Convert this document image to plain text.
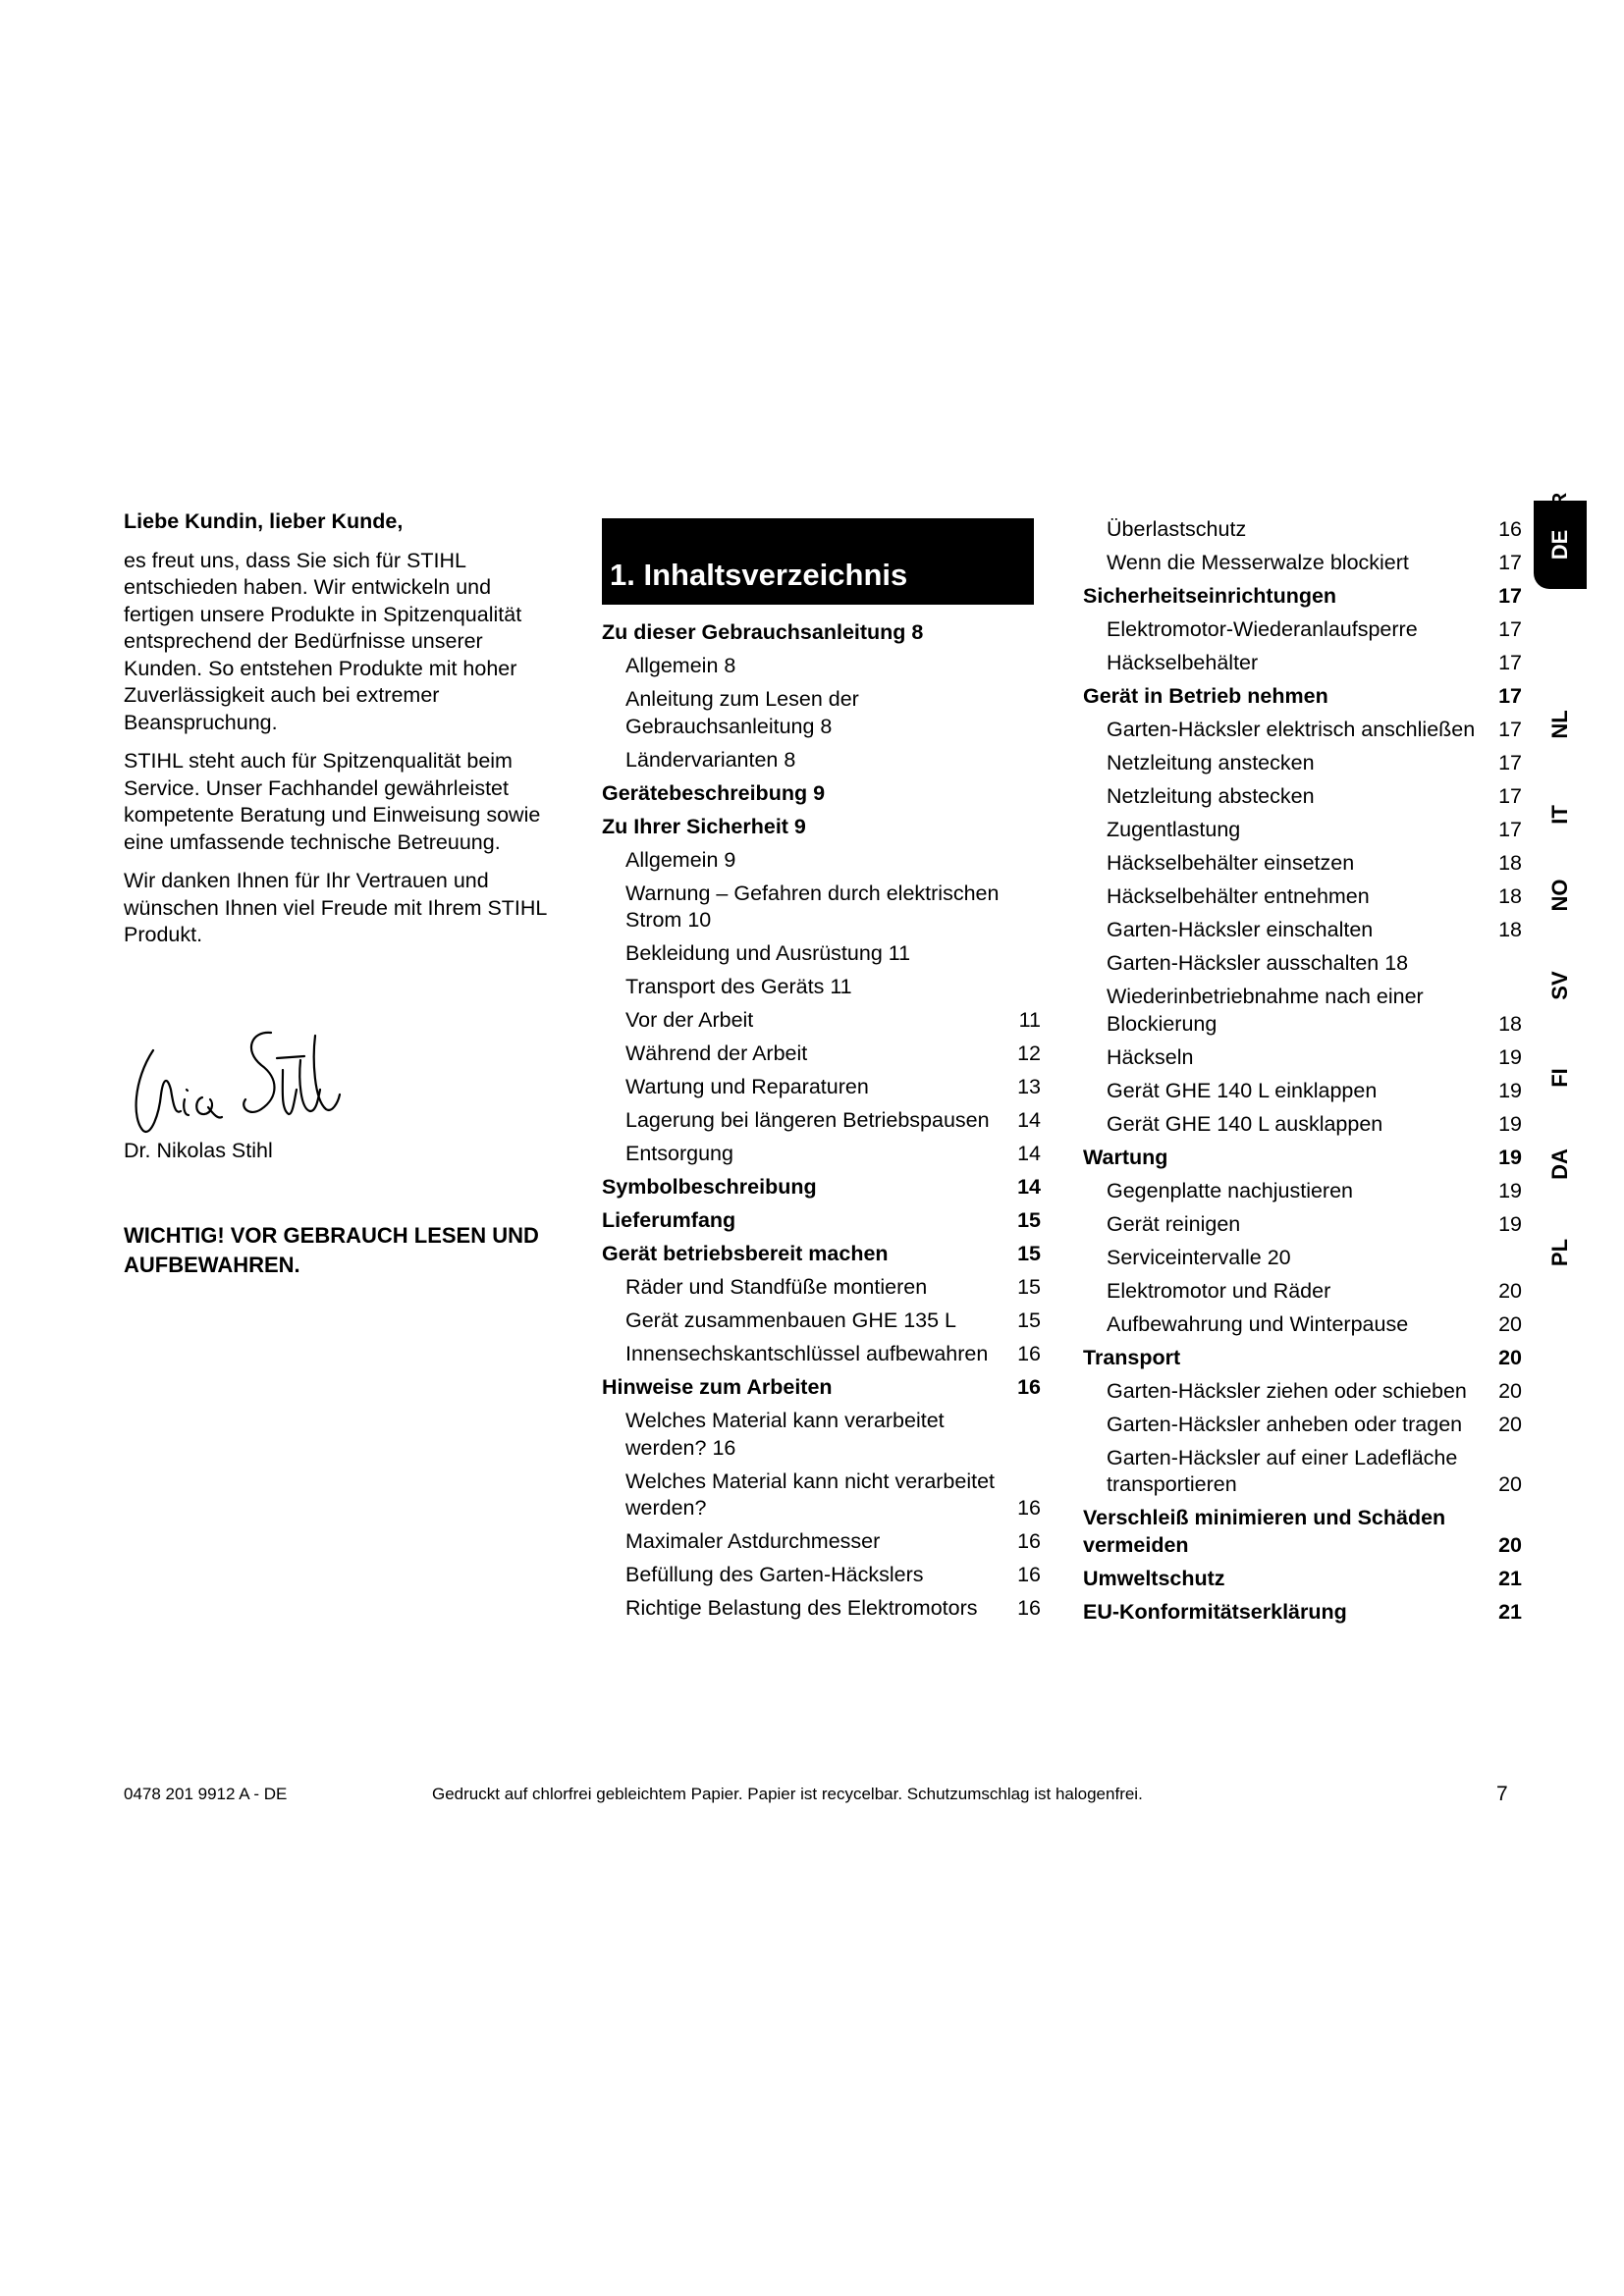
Liebe Kundin, lieber Kunde,

es freut uns, dass Sie sich für STIHL entschieden haben. Wir entwickeln und fertigen unsere Produkte in Spitzenqualität entsprechend der Bedürfnisse unserer Kunden. So entstehen Produkte mit hoher Zuverlässigkeit auch bei extremer Beanspruchung.

STIHL steht auch für Spitzenqualität beim Service. Unser Fachhandel gewährleistet kompetente Beratung und Einweisung sowie eine umfassende technische Betreuung.

Wir danken Ihnen für Ihr Vertrauen und wünschen Ihnen viel Freude mit Ihrem STIHL Produkt.

Dr. Nikolas Stihl
WICHTIG! VOR GEBRAUCH LESEN UND AUFBEWAHREN.
1. Inhaltsverzeichnis
Zu dieser Gebrauchsanleitung 8
Allgemein 8
Anleitung zum Lesen der Gebrauchsanleitung 8
Ländervarianten 8
Gerätebeschreibung 9
Zu Ihrer Sicherheit 9
Allgemein 9
Warnung – Gefahren durch elektrischen Strom 10
Bekleidung und Ausrüstung 11
Transport des Geräts 11
Vor der Arbeit	11
Während der Arbeit	12
Wartung und Reparaturen	13
Lagerung bei längeren Betriebspausen	14
Entsorgung	14
Symbolbeschreibung	14
Lieferumfang	15
Gerät betriebsbereit machen	15
Räder und Standfüße montieren	15
Gerät zusammenbauen GHE 135 L	15
Innensechskantschlüssel aufbewahren	16
Hinweise zum Arbeiten	16
Welches Material kann verarbeitet werden? 16
Welches Material kann nicht verarbeitet werden?	16
Maximaler Astdurchmesser	16
Befüllung des Garten-Häckslers	16
Richtige Belastung des Elektromotors	16
Überlastschutz	16
Wenn die Messerwalze blockiert	17
Sicherheitseinrichtungen	17
Elektromotor-Wiederanlaufsperre	17
Häckselbehälter	17
Gerät in Betrieb nehmen	17
Garten-Häcksler elektrisch anschließen	17
Netzleitung anstecken	17
Netzleitung abstecken	17
Zugentlastung	17
Häckselbehälter einsetzen	18
Häckselbehälter entnehmen	18
Garten-Häcksler einschalten	18
Garten-Häcksler ausschalten 18
Wiederinbetriebnahme nach einer Blockierung	18
Häckseln	19
Gerät GHE 140 L einklappen	19
Gerät GHE 140 L ausklappen	19
Wartung	19
Gegenplatte nachjustieren	19
Gerät reinigen	19
Serviceintervalle 20
Elektromotor und Räder	20
Aufbewahrung und Winterpause	20
Transport	20
Garten-Häcksler ziehen oder schieben	20
Garten-Häcksler anheben oder tragen	20
Garten-Häcksler auf einer Ladefläche transportieren	20
Verschleiß minimieren und Schäden vermeiden	20
Umweltschutz	21
EU-Konformitätserklärung	21
DE
R
NL
IT
NO
SV
FI
DA
PL
0478 201 9912 A - DE	Gedruckt auf chlorfrei gebleichtem Papier. Papier ist recycelbar. Schutzumschlag ist halogenfrei.	7
